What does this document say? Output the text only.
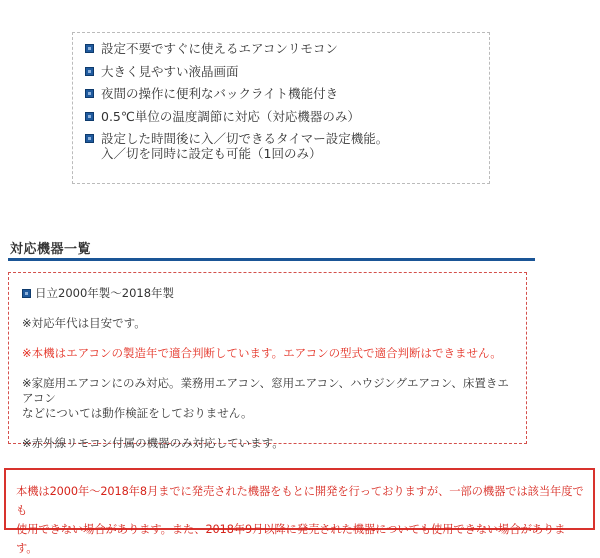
設定不要ですぐに使えるエアコンリモコン
大きく見やすい液晶画面
夜間の操作に便利なバックライト機能付き
0.5℃単位の温度調節に対応（対応機器のみ）
設定した時間後に入／切できるタイマー設定機能。
入／切を同時に設定も可能（1回のみ）
対応機器一覧

日立2000年製〜2018年製

※対応年代は目安です。

※本機はエアコンの製造年で適合判断しています。エアコンの型式で適合判断はできません。

※家庭用エアコンにのみ対応。業務用エアコン、窓用エアコン、ハウジングエアコン、床置きエアコン
などについては動作検証をしておりません。

※赤外線リモコン付属の機器のみ対応しています。

本機は2000年〜2018年8月までに発売された機器をもとに開発を行っておりますが、一部の機器では該当年度でも
使用できない場合があります。また、2018年9月以降に発売された機器についても使用できない場合があります。
